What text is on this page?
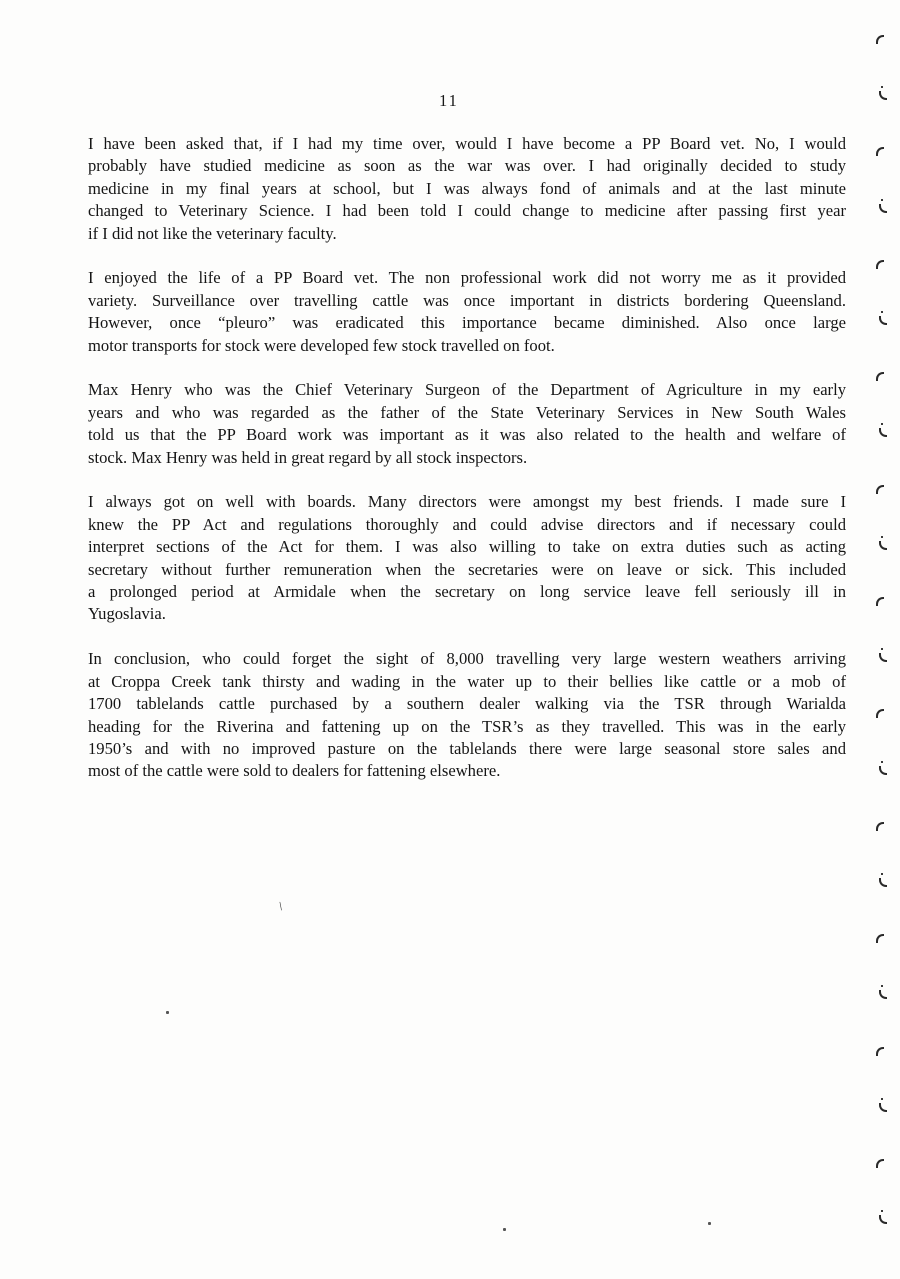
11

I have been asked that, if I had my time over, would I have become a PP Board vet. No, I would
probably have studied medicine as soon as the war was over. I had originally decided to study
medicine in my final years at school, but I was always fond of animals and at the last minute
changed to Veterinary Science. I had been told I could change to medicine after passing first year
if I did not like the veterinary faculty.

I enjoyed the life of a PP Board vet. The non professional work did not worry me as it provided
variety. Surveillance over travelling cattle was once important in districts bordering Queensland.
However, once “pleuro” was eradicated this importance became diminished. Also once large
motor transports for stock were developed few stock travelled on foot.

Max Henry who was the Chief Veterinary Surgeon of the Department of Agriculture in my early
years and who was regarded as the father of the State Veterinary Services in New South Wales
told us that the PP Board work was important as it was also related to the health and welfare of
stock. Max Henry was held in great regard by all stock inspectors.

I always got on well with boards. Many directors were amongst my best friends. I made sure I
knew the PP Act and regulations thoroughly and could advise directors and if necessary could
interpret sections of the Act for them. I was also willing to take on extra duties such as acting
secretary without further remuneration when the secretaries were on leave or sick. This included
a prolonged period at Armidale when the secretary on long service leave fell seriously ill in
Yugoslavia.

In conclusion, who could forget the sight of 8,000 travelling very large western weathers arriving
at Croppa Creek tank thirsty and wading in the water up to their bellies like cattle or a mob of
1700 tablelands cattle purchased by a southern dealer walking via the TSR through Warialda
heading for the Riverina and fattening up on the TSR’s as they travelled. This was in the early
1950’s and with no improved pasture on the tablelands there were large seasonal store sales and
most of the cattle were sold to dealers for fattening elsewhere.

\
